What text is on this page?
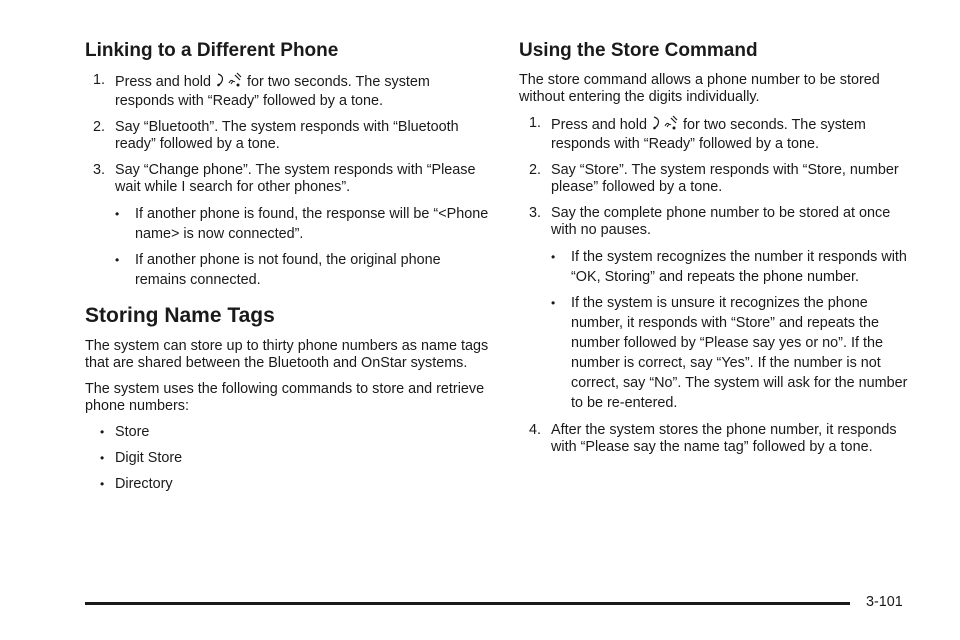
Linking to a Different Phone
1. Press and hold	for two seconds. The system responds with “Ready” followed by a tone.
2. Say “Bluetooth”. The system responds with “Bluetooth ready” followed by a tone.
3. Say “Change phone”. The system responds with “Please wait while I search for other phones”.
• If another phone is found, the response will be “<Phone name> is now connected”.
• If another phone is not found, the original phone remains connected.
Storing Name Tags

The system can store up to thirty phone numbers as name tags that are shared between the Bluetooth and OnStar systems.

The system uses the following commands to store and retrieve phone numbers:

• Store
• Digit Store
• Directory
Using the Store Command

The store command allows a phone number to be stored without entering the digits individually.

1. Press and hold	for two seconds. The system responds with “Ready” followed by a tone.
2. Say “Store”. The system responds with “Store, number please” followed by a tone.
3. Say the complete phone number to be stored at once with no pauses.
• If the system recognizes the number it responds with “OK, Storing” and repeats the phone number.
• If the system is unsure it recognizes the phone number, it responds with “Store” and repeats the number followed by “Please say yes or no”. If the number is correct, say “Yes”. If the number is not correct, say “No”. The system will ask for the number to be re-entered.
4. After the system stores the phone number, it responds with “Please say the name tag” followed by a tone.
3-101
